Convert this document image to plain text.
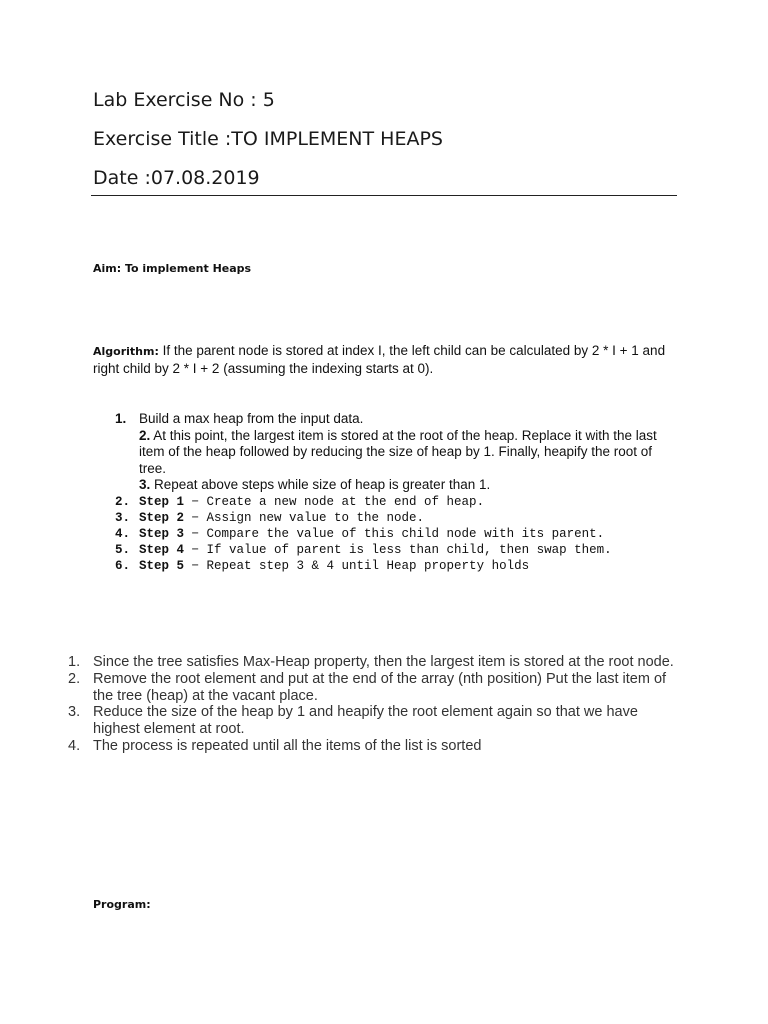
Lab Exercise No : 5
Exercise Title :TO IMPLEMENT HEAPS
Date :07.08.2019
Aim: To implement Heaps
Algorithm: If the parent node is stored at index I, the left child can be calculated by 2 * I + 1 and right child by 2 * I + 2 (assuming the indexing starts at 0).
1. Build a max heap from the input data.
2. At this point, the largest item is stored at the root of the heap. Replace it with the last item of the heap followed by reducing the size of heap by 1. Finally, heapify the root of tree.
3. Repeat above steps while size of heap is greater than 1.
2. Step 1 − Create a new node at the end of heap.
3. Step 2 − Assign new value to the node.
4. Step 3 − Compare the value of this child node with its parent.
5. Step 4 − If value of parent is less than child, then swap them.
6. Step 5 − Repeat step 3 & 4 until Heap property holds
1. Since the tree satisfies Max-Heap property, then the largest item is stored at the root node.
2. Remove the root element and put at the end of the array (nth position) Put the last item of the tree (heap) at the vacant place.
3. Reduce the size of the heap by 1 and heapify the root element again so that we have highest element at root.
4. The process is repeated until all the items of the list is sorted
Program:
